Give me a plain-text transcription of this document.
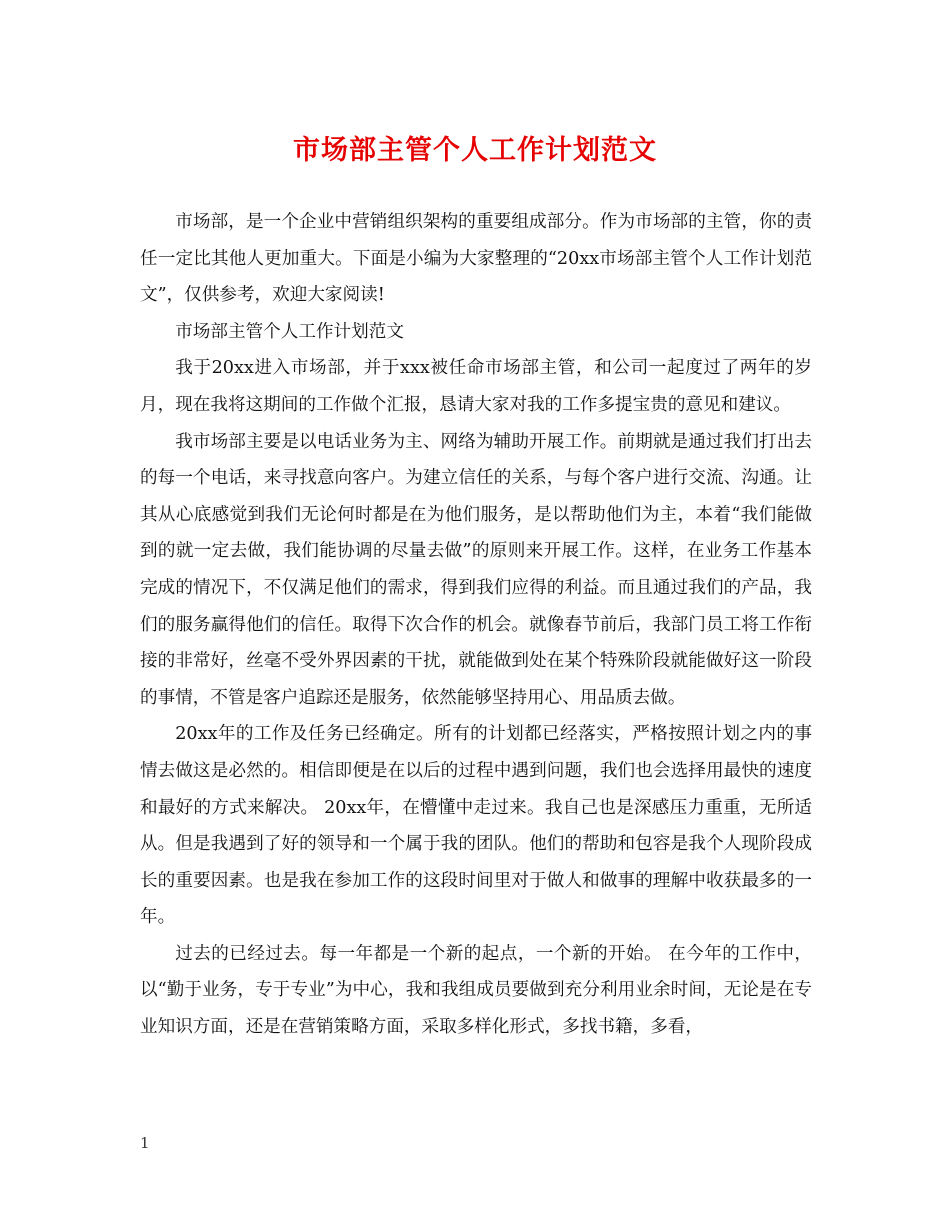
市场部主管个人工作计划范文

市场部，是一个企业中营销组织架构的重要组成部分。作为市场部的主管，你的责任一定比其他人更加重大。下面是小编为大家整理的“20xx市场部主管个人工作计划范文”，仅供参考，欢迎大家阅读!

市场部主管个人工作计划范文

我于20xx进入市场部，并于xxx被任命市场部主管，和公司一起度过了两年的岁月，现在我将这期间的工作做个汇报，恳请大家对我的工作多提宝贵的意见和建议。

我市场部主要是以电话业务为主、网络为辅助开展工作。前期就是通过我们打出去的每一个电话，来寻找意向客户。为建立信任的关系，与每个客户进行交流、沟通。让其从心底感觉到我们无论何时都是在为他们服务，是以帮助他们为主，本着“我们能做到的就一定去做，我们能协调的尽量去做”的原则来开展工作。这样，在业务工作基本完成的情况下，不仅满足他们的需求，得到我们应得的利益。而且通过我们的产品，我们的服务赢得他们的信任。取得下次合作的机会。就像春节前后，我部门员工将工作衔接的非常好，丝毫不受外界因素的干扰，就能做到处在某个特殊阶段就能做好这一阶段的事情，不管是客户追踪还是服务，依然能够坚持用心、用品质去做。

20xx年的工作及任务已经确定。所有的计划都已经落实，严格按照计划之内的事情去做这是必然的。相信即便是在以后的过程中遇到问题，我们也会选择用最快的速度和最好的方式来解决。 20xx年，在懵懂中走过来。我自己也是深感压力重重，无所适从。但是我遇到了好的领导和一个属于我的团队。他们的帮助和包容是我个人现阶段成长的重要因素。也是我在参加工作的这段时间里对于做人和做事的理解中收获最多的一年。

过去的已经过去。每一年都是一个新的起点，一个新的开始。 在今年的工作中，以“勤于业务，专于专业”为中心，我和我组成员要做到充分利用业余时间，无论是在专业知识方面，还是在营销策略方面，采取多样化形式，多找书籍，多看，

1
